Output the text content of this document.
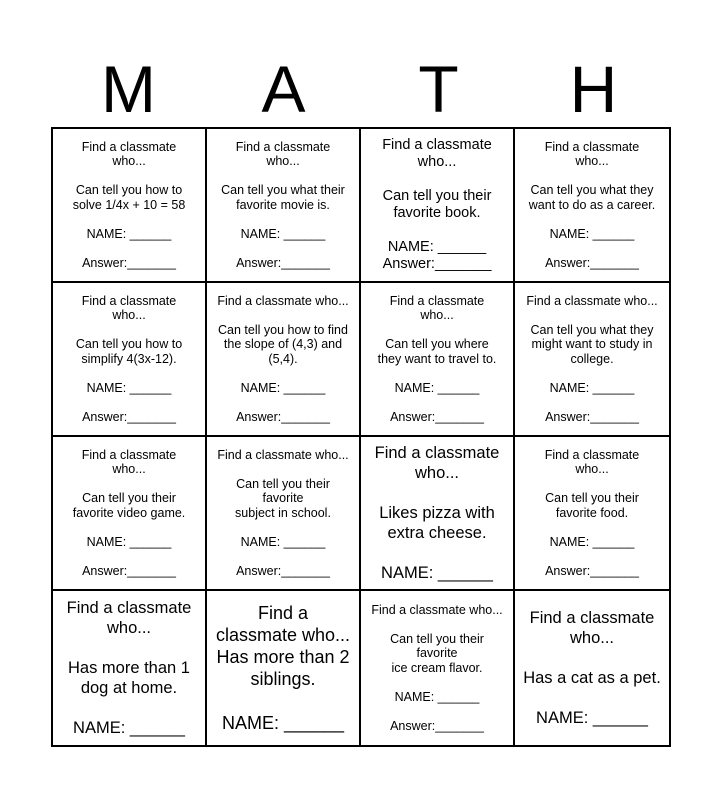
M	A	T	H
Find a classmate
who...

Can tell you how to
solve 1/4x + 10 = 58

NAME: ______

Answer:_______
Find a classmate
who...

Can tell you what their
favorite movie is.

NAME: ______

Answer:_______
Find a classmate
who...

Can tell you their
favorite book.

NAME: ______
Answer:_______
Find a classmate
who...

Can tell you what they
want to do as a career.

NAME: ______

Answer:_______
Find a classmate
who...

Can tell you how to
simplify 4(3x-12).

NAME: ______

Answer:_______
Find a classmate who...

Can tell you how to find
the slope of (4,3) and
(5,4).

NAME: ______

Answer:_______
Find a classmate
who...

Can tell you where
they want to travel to.

NAME: ______

Answer:_______
Find a classmate who...

Can tell you what they
might want to study in
college.

NAME: ______

Answer:_______
Find a classmate
who...

Can tell you their
favorite video game.

NAME: ______

Answer:_______
Find a classmate who...

Can tell you their favorite
subject in school.

NAME: ______

Answer:_______
Find a classmate
who...

Likes pizza with
extra cheese.

NAME: ______
Find a classmate
who...

Can tell you their
favorite food.

NAME: ______

Answer:_______
Find a classmate
who...

Has more than 1
dog at home.

NAME: ______
Find a
classmate who...
Has more than 2
siblings.

NAME: ______
Find a classmate who...

Can tell you their favorite
ice cream flavor.

NAME: ______

Answer:_______
Find a classmate
who...

Has a cat as a pet.

NAME: ______
